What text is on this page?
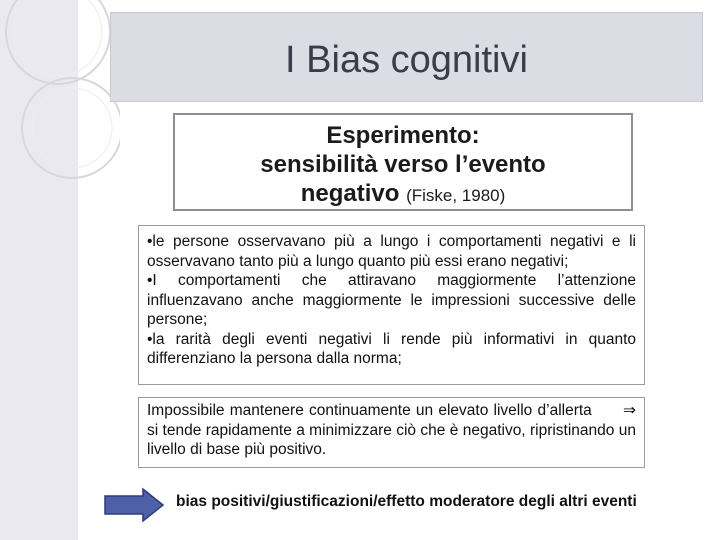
I Bias cognitivi
Esperimento:
sensibilità verso l’evento
negativo (Fiske, 1980)

•le persone osservavano più a lungo i comportamenti negativi e li osservavano tanto più a lungo quanto più essi erano negativi;

•I comportamenti che attiravano maggiormente l’attenzione influenzavano anche maggiormente le impressioni successive delle persone;

•la rarità degli eventi negativi li rende più informativi in quanto differenziano la persona dalla norma;

Impossibile mantenere continuamente un elevato livello d’allerta ⇒ si tende rapidamente a minimizzare ciò che è negativo, ripristinando un livello di base più positivo.

bias positivi/giustificazioni/effetto moderatore degli altri eventi
